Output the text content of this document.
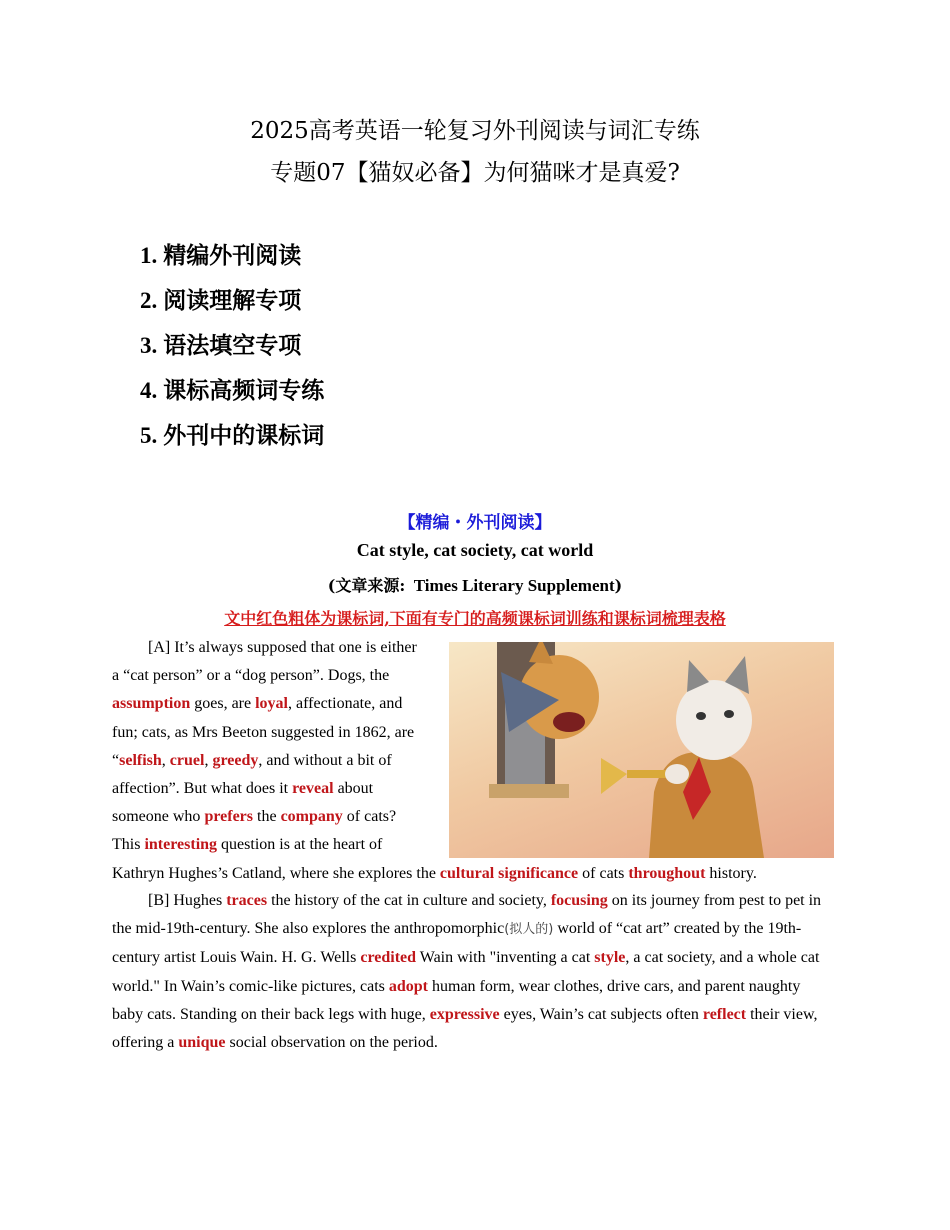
2025高考英语一轮复习外刊阅读与词汇专练
专题07【猫奴必备】为何猫咪才是真爱?
1. 精编外刊阅读
2. 阅读理解专项
3. 语法填空专项
4. 课标高频词专练
5. 外刊中的课标词
【精编・外刊阅读】
Cat style, cat society, cat world
(文章来源: Times Literary Supplement)
文中红色粗体为课标词,下面有专门的高频课标词训练和课标词梳理表格
[A] It’s always supposed that one is either a “cat person” or a “dog person”. Dogs, the assumption goes, are loyal, affectionate, and fun; cats, as Mrs Beeton suggested in 1862, are “selfish, cruel, greedy, and without a bit of affection”. But what does it reveal about someone who prefers the company of cats? This interesting question is at the heart of Kathryn Hughes’s Catland, where she explores the cultural significance of cats throughout history.
[B] Hughes traces the history of the cat in culture and society, focusing on its journey from pest to pet in the mid-19th-century. She also explores the anthropomorphic(拟人的) world of “cat art” created by the 19th-century artist Louis Wain. H. G. Wells credited Wain with "inventing a cat style, a cat society, and a whole cat world." In Wain’s comic-like pictures, cats adopt human form, wear clothes, drive cars, and parent naughty baby cats. Standing on their back legs with huge, expressive eyes, Wain’s cat subjects often reflect their view, offering a unique social observation on the period.
